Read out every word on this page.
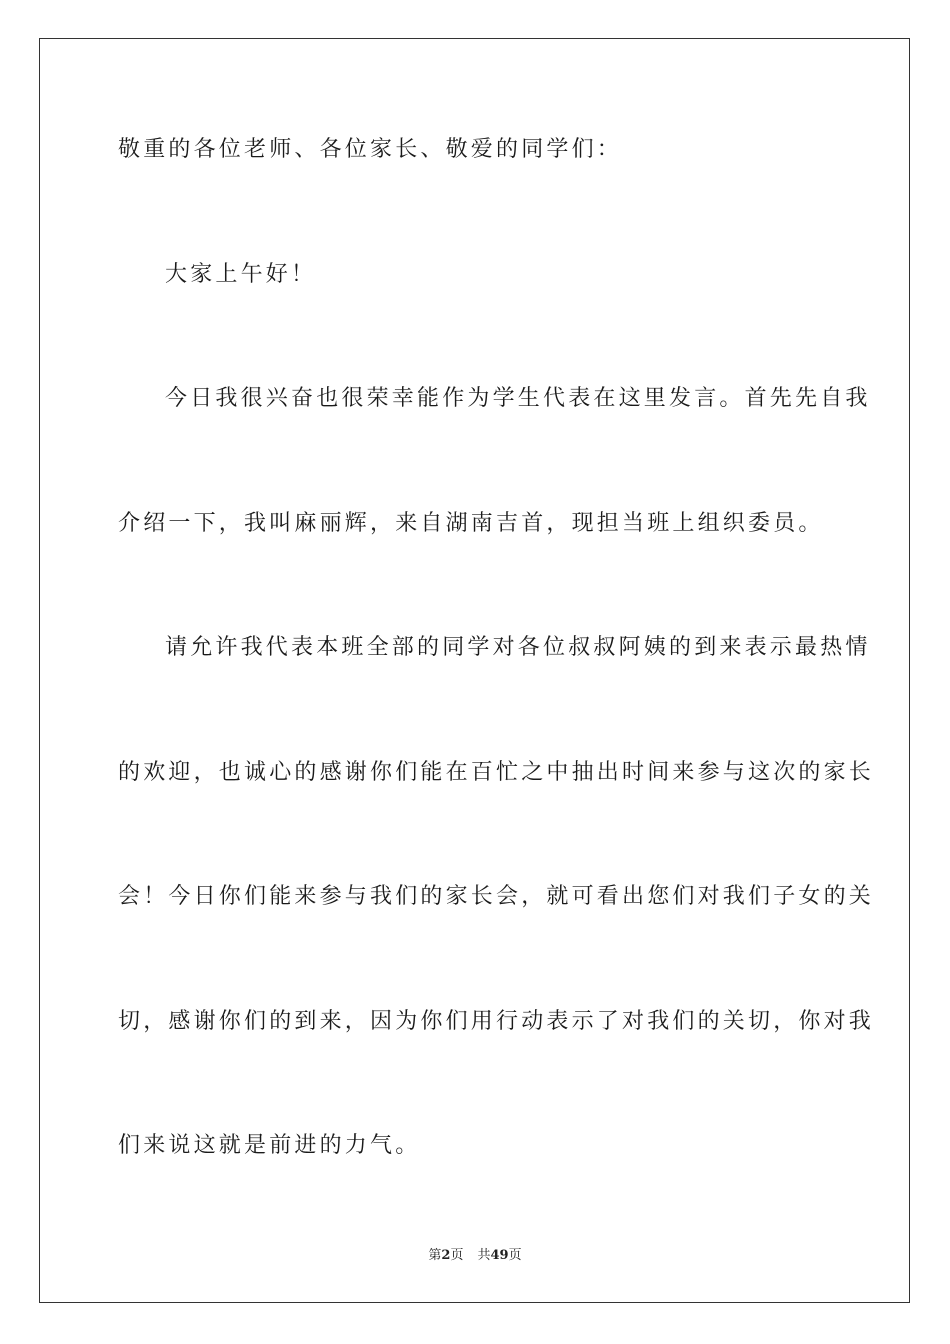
敬重的各位老师、各位家长、敬爱的同学们：
大家上午好！
今日我很兴奋也很荣幸能作为学生代表在这里发言。首先先自我
介绍一下，我叫麻丽辉，来自湖南吉首，现担当班上组织委员。
请允许我代表本班全部的同学对各位叔叔阿姨的到来表示最热情
的欢迎，也诚心的感谢你们能在百忙之中抽出时间来参与这次的家长
会！今日你们能来参与我们的家长会，就可看出您们对我们子女的关
切，感谢你们的到来，因为你们用行动表示了对我们的关切，你对我
们来说这就是前进的力气。
第2页 共49页
